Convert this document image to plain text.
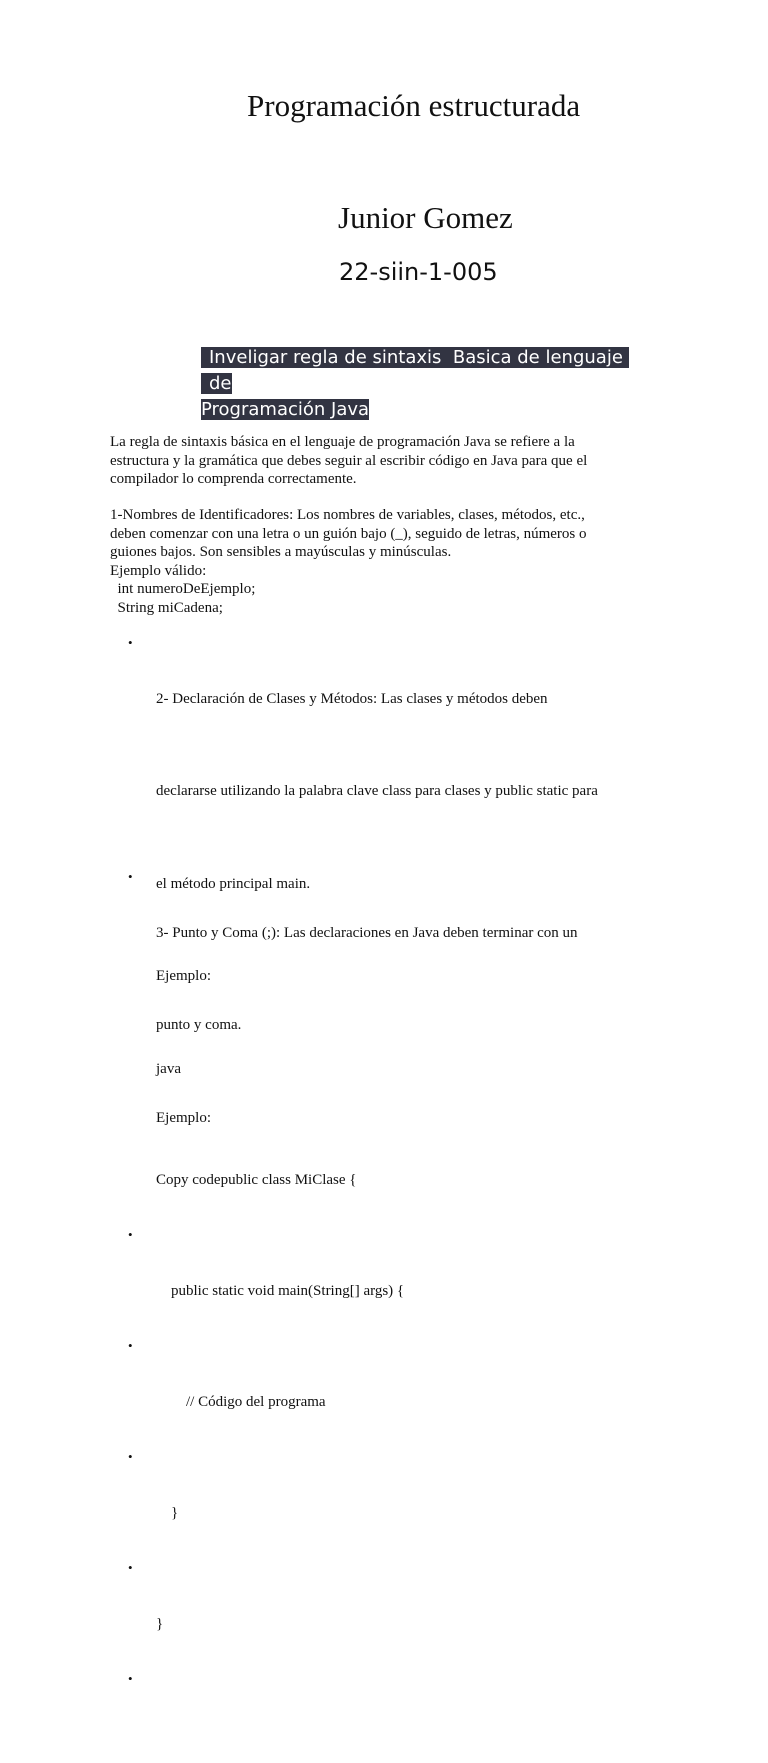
Programación estructurada
Junior Gomez
22-siin-1-005
Inveligar regla de sintaxis  Basica de lenguaje de
Programación Java
La regla de sintaxis básica en el lenguaje de programación Java se refiere a la
estructura y la gramática que debes seguir al escribir código en Java para que el
compilador lo comprenda correctamente.
1-Nombres de Identificadores: Los nombres de variables, clases, métodos, etc.,
deben comenzar con una letra o un guión bajo (_), seguido de letras, números o
guiones bajos. Son sensibles a mayúsculas y minúsculas.
Ejemplo válido:
int numeroDeEjemplo;
String miCadena;

•

2- Declaración de Clases y Métodos: Las clases y métodos deben

declararse utilizando la palabra clave class para clases y public static para

el método principal main.

Ejemplo:

java

Copy codepublic class MiClase {

•

public static void main(String[] args) {

•

// Código del programa

•

}

•

}

•

•

3- Punto y Coma (;): Las declaraciones en Java deben terminar con un

punto y coma.

Ejemplo:
